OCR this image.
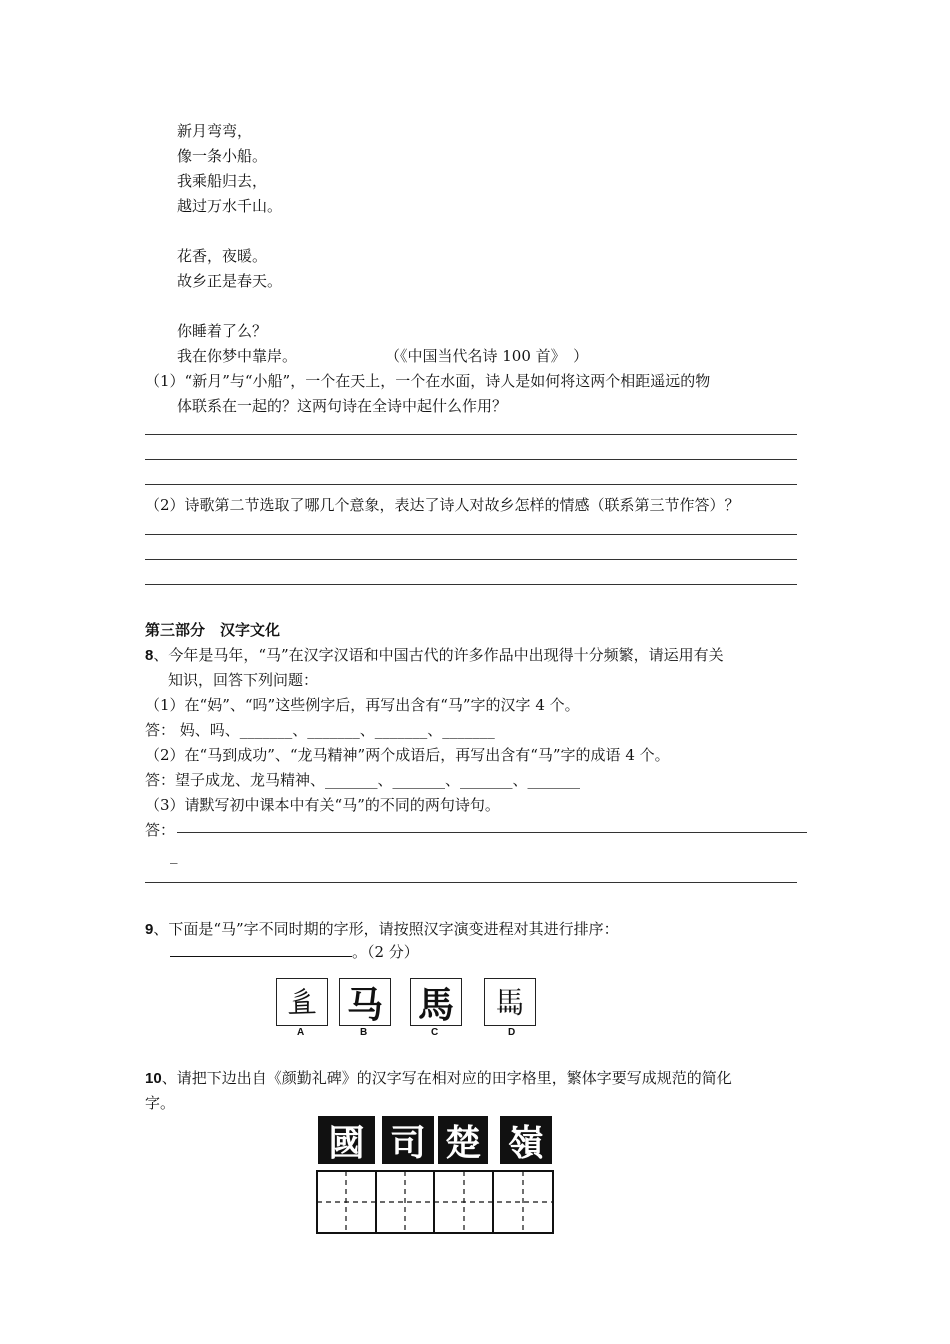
新月弯弯，
像一条小船。
我乘船归去，
越过万水千山。
花香，夜暖。
故乡正是春天。
你睡着了么？
我在你梦中靠岸。	（《中国当代名诗 100 首》　）
（1）“新月”与“小船”，一个在天上，一个在水面，诗人是如何将这两个相距遥远的物
体联系在一起的？这两句诗在全诗中起什么作用？
（2）诗歌第二节选取了哪几个意象，表达了诗人对故乡怎样的情感（联系第三节作答）？
第三部分　汉字文化
8、今年是马年，“马”在汉字汉语和中国古代的许多作品中出现得十分频繁，请运用有关
知识，回答下列问题：
（1）在“妈”、“吗”这些例字后，再写出含有“马”字的汉字 4 个。
答： 妈、吗、_______、_______、_______、_______
（2）在“马到成功”、“龙马精神”两个成语后，再写出含有“马”字的成语 4 个。
答：望子成龙、龙马精神、_______、_______、_______、_______
（3）请默写初中课本中有关“马”的不同的两句诗句。
答：
_
9、下面是“马”字不同时期的字形，请按照汉字演变进程对其进行排序：
。（2 分）
𢒉
A
马
B
馬
C
𩡧
D
10、请把下边出自《颜勤礼碑》的汉字写在相对应的田字格里，繁体字要写成规范的简化
字。
國 司 楚 嶺
